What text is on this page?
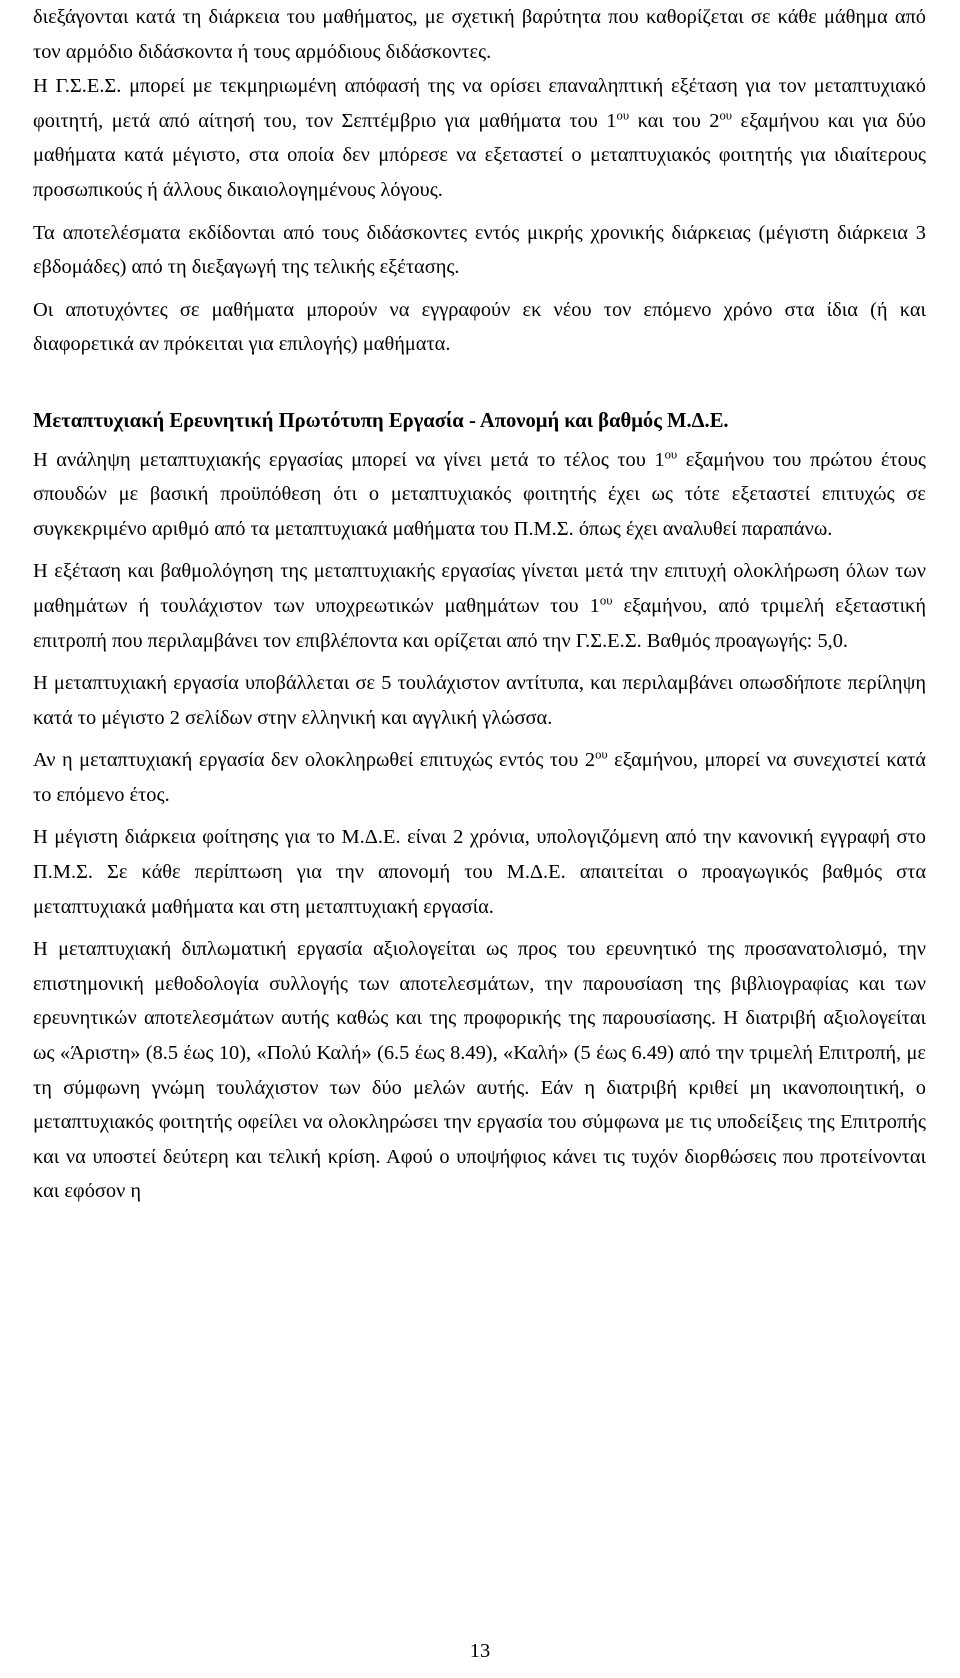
διεξάγονται κατά τη διάρκεια του μαθήματος, με σχετική βαρύτητα που καθορίζεται σε κάθε μάθημα από τον αρμόδιο διδάσκοντα ή τους αρμόδιους διδάσκοντες.

Η Γ.Σ.Ε.Σ. μπορεί με τεκμηριωμένη απόφασή της να ορίσει επαναληπτική εξέταση για τον μεταπτυχιακό φοιτητή, μετά από αίτησή του, τον Σεπτέμβριο για μαθήματα του $1^{o\upsilon}$ και του $2^{o\upsilon}$ εξαμήνου και για δύο μαθήματα κατά μέγιστο, στα οποία δεν μπόρεσε να εξεταστεί ο μεταπτυχιακός φοιτητής για ιδιαίτερους προσωπικούς ή άλλους δικαιολογημένους λόγους.

Τα αποτελέσματα εκδίδονται από τους διδάσκοντες εντός μικρής χρονικής διάρκειας (μέγιστη διάρκεια 3 εβδομάδες) από τη διεξαγωγή της τελικής εξέτασης.

Οι αποτυχόντες σε μαθήματα μπορούν να εγγραφούν εκ νέου τον επόμενο χρόνο στα ίδια (ή και διαφορετικά αν πρόκειται για επιλογής) μαθήματα.

Μεταπτυχιακή Ερευνητική Πρωτότυπη Εργασία - Απονομή και βαθμός Μ.Δ.Ε.

Η ανάληψη μεταπτυχιακής εργασίας μπορεί να γίνει μετά το τέλος του $1^{o\upsilon}$ εξαμήνου του πρώτου έτους σπουδών με βασική προϋπόθεση ότι ο μεταπτυχιακός φοιτητής έχει ως τότε εξεταστεί επιτυχώς σε συγκεκριμένο αριθμό από τα μεταπτυχιακά μαθήματα του Π.Μ.Σ. όπως έχει αναλυθεί παραπάνω.

Η εξέταση και βαθμολόγηση της μεταπτυχιακής εργασίας γίνεται μετά την επιτυχή ολοκλήρωση όλων των μαθημάτων ή τουλάχιστον των υποχρεωτικών μαθημάτων του $1^{o\upsilon}$ εξαμήνου, από τριμελή εξεταστική επιτροπή που περιλαμβάνει τον επιβλέποντα και ορίζεται από την Γ.Σ.Ε.Σ. Βαθμός προαγωγής: 5,0.

Η μεταπτυχιακή εργασία υποβάλλεται σε 5 τουλάχιστον αντίτυπα, και περιλαμβάνει οπωσδήποτε περίληψη κατά το μέγιστο 2 σελίδων στην ελληνική και αγγλική γλώσσα.

Αν η μεταπτυχιακή εργασία δεν ολοκληρωθεί επιτυχώς εντός του $2^{o\upsilon}$ εξαμήνου, μπορεί να συνεχιστεί κατά το επόμενο έτος.

Η μέγιστη διάρκεια φοίτησης για το Μ.Δ.Ε. είναι 2 χρόνια, υπολογιζόμενη από την κανονική εγγραφή στο Π.Μ.Σ. Σε κάθε περίπτωση για την απονομή του Μ.Δ.Ε. απαιτείται ο προαγωγικός βαθμός στα μεταπτυχιακά μαθήματα και στη μεταπτυχιακή εργασία.

Η μεταπτυχιακή διπλωματική εργασία αξιολογείται ως προς του ερευνητικό της προσανατολισμό, την επιστημονική μεθοδολογία συλλογής των αποτελεσμάτων, την παρουσίαση της βιβλιογραφίας και των ερευνητικών αποτελεσμάτων αυτής καθώς και της προφορικής της παρουσίασης. Η διατριβή αξιολογείται ως «Άριστη» (8.5 έως 10), «Πολύ Καλή» (6.5 έως 8.49), «Καλή» (5 έως 6.49) από την τριμελή Επιτροπή, με τη σύμφωνη γνώμη τουλάχιστον των δύο μελών αυτής. Εάν η διατριβή κριθεί μη ικανοποιητική, ο μεταπτυχιακός φοιτητής οφείλει να ολοκληρώσει την εργασία του σύμφωνα με τις υποδείξεις της Επιτροπής και να υποστεί δεύτερη και τελική κρίση. Αφού ο υποψήφιος κάνει τις τυχόν διορθώσεις που προτείνονται και εφόσον η

13
